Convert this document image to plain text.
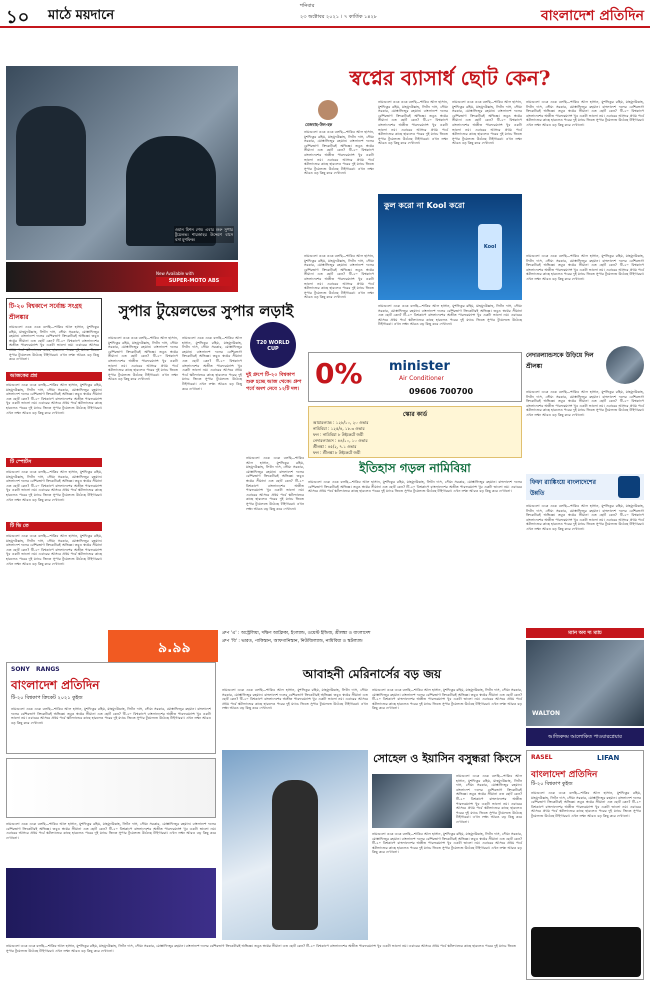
১০ মাঠে ময়দানে
শনিবার
২৩ অক্টোবর ২০২১ । ৭ কার্তিক ১৪২৮	বাংলাদেশ প্রতিদিন
ওমান মিশন শেষ। এবার শুরু সুপার টুয়েলভ। শারজাহর উদ্দেশে বাসে বসা মুশফিক।
New Available with
SUPER-MOTO ABS
স্বপ্নের ব্যাসার্ধ ছোট কেন?
মেজবাহ-উল-হক
নামগুলো একে একে বলছি—শাকিব আল হাসান, মুশফিকুর রহিম, মাহমুদউল্লাহ, লিটন দাস, সৌম্য সরকার, মোস্তাফিজুর রহমান। বাংলাদেশ দলের বেশিরভাগ ক্রিকেটারই অভিজ্ঞ। তবুও স্বপ্নের সীমানা এত ছোট কেন? টি-২০ বিশ্বকাপে বাংলাদেশের অতীত পারফরম্যান্স খুব একটা ভালো নয়। এবারের আসরে প্রথম পর্বে স্কটল্যান্ডের কাছে হারলেও পরের দুই ম্যাচে জিতে সুপার টুয়েলভে উঠেছে টাইগাররা। এখন লক্ষ্য আরও বড় কিছু করে দেখানো।
নামগুলো একে একে বলছি—শাকিব আল হাসান, মুশফিকুর রহিম, মাহমুদউল্লাহ, লিটন দাস, সৌম্য সরকার, মোস্তাফিজুর রহমান। বাংলাদেশ দলের বেশিরভাগ ক্রিকেটারই অভিজ্ঞ। তবুও স্বপ্নের সীমানা এত ছোট কেন? টি-২০ বিশ্বকাপে বাংলাদেশের অতীত পারফরম্যান্স খুব একটা ভালো নয়। এবারের আসরে প্রথম পর্বে স্কটল্যান্ডের কাছে হারলেও পরের দুই ম্যাচে জিতে সুপার টুয়েলভে উঠেছে টাইগাররা। এখন লক্ষ্য আরও বড় কিছু করে দেখানো।
নামগুলো একে একে বলছি—শাকিব আল হাসান, মুশফিকুর রহিম, মাহমুদউল্লাহ, লিটন দাস, সৌম্য সরকার, মোস্তাফিজুর রহমান। বাংলাদেশ দলের বেশিরভাগ ক্রিকেটারই অভিজ্ঞ। তবুও স্বপ্নের সীমানা এত ছোট কেন? টি-২০ বিশ্বকাপে বাংলাদেশের অতীত পারফরম্যান্স খুব একটা ভালো নয়। এবারের আসরে প্রথম পর্বে স্কটল্যান্ডের কাছে হারলেও পরের দুই ম্যাচে জিতে সুপার টুয়েলভে উঠেছে টাইগাররা। এখন লক্ষ্য আরও বড় কিছু করে দেখানো।
নামগুলো একে একে বলছি—শাকিব আল হাসান, মুশফিকুর রহিম, মাহমুদউল্লাহ, লিটন দাস, সৌম্য সরকার, মোস্তাফিজুর রহমান। বাংলাদেশ দলের বেশিরভাগ ক্রিকেটারই অভিজ্ঞ। তবুও স্বপ্নের সীমানা এত ছোট কেন? টি-২০ বিশ্বকাপে বাংলাদেশের অতীত পারফরম্যান্স খুব একটা ভালো নয়। এবারের আসরে প্রথম পর্বে স্কটল্যান্ডের কাছে হারলেও পরের দুই ম্যাচে জিতে সুপার টুয়েলভে উঠেছে টাইগাররা। এখন লক্ষ্য আরও বড় কিছু করে দেখানো।
কুল করো না Kool করো
Kool
নামগুলো একে একে বলছি—শাকিব আল হাসান, মুশফিকুর রহিম, মাহমুদউল্লাহ, লিটন দাস, সৌম্য সরকার, মোস্তাফিজুর রহমান। বাংলাদেশ দলের বেশিরভাগ ক্রিকেটারই অভিজ্ঞ। তবুও স্বপ্নের সীমানা এত ছোট কেন? টি-২০ বিশ্বকাপে বাংলাদেশের অতীত পারফরম্যান্স খুব একটা ভালো নয়। এবারের আসরে প্রথম পর্বে স্কটল্যান্ডের কাছে হারলেও পরের দুই ম্যাচে জিতে সুপার টুয়েলভে উঠেছে টাইগাররা। এখন লক্ষ্য আরও বড় কিছু করে দেখানো।
নামগুলো একে একে বলছি—শাকিব আল হাসান, মুশফিকুর রহিম, মাহমুদউল্লাহ, লিটন দাস, সৌম্য সরকার, মোস্তাফিজুর রহমান। বাংলাদেশ দলের বেশিরভাগ ক্রিকেটারই অভিজ্ঞ। তবুও স্বপ্নের সীমানা এত ছোট কেন? টি-২০ বিশ্বকাপে বাংলাদেশের অতীত পারফরম্যান্স খুব একটা ভালো নয়। এবারের আসরে প্রথম পর্বে স্কটল্যান্ডের কাছে হারলেও পরের দুই ম্যাচে জিতে সুপার টুয়েলভে উঠেছে টাইগাররা। এখন লক্ষ্য আরও বড় কিছু করে দেখানো।
নামগুলো একে একে বলছি—শাকিব আল হাসান, মুশফিকুর রহিম, মাহমুদউল্লাহ, লিটন দাস, সৌম্য সরকার, মোস্তাফিজুর রহমান। বাংলাদেশ দলের বেশিরভাগ ক্রিকেটারই অভিজ্ঞ। তবুও স্বপ্নের সীমানা এত ছোট কেন? টি-২০ বিশ্বকাপে বাংলাদেশের অতীত পারফরম্যান্স খুব একটা ভালো নয়। এবারের আসরে প্রথম পর্বে স্কটল্যান্ডের কাছে হারলেও পরের দুই ম্যাচে জিতে সুপার টুয়েলভে উঠেছে টাইগাররা। এখন লক্ষ্য আরও বড় কিছু করে দেখানো।
টি-২০ বিশ্বকাপে সর্বোচ্চ সংগ্রহ শ্রীলঙ্কার
নামগুলো একে একে বলছি—শাকিব আল হাসান, মুশফিকুর রহিম, মাহমুদউল্লাহ, লিটন দাস, সৌম্য সরকার, মোস্তাফিজুর রহমান। বাংলাদেশ দলের বেশিরভাগ ক্রিকেটারই অভিজ্ঞ। তবুও স্বপ্নের সীমানা এত ছোট কেন? টি-২০ বিশ্বকাপে বাংলাদেশের অতীত পারফরম্যান্স খুব একটা ভালো নয়। এবারের আসরে প্রথম পর্বে স্কটল্যান্ডের কাছে হারলেও পরের দুই ম্যাচে জিতে সুপার টুয়েলভে উঠেছে টাইগাররা। এখন লক্ষ্য আরও বড় কিছু করে দেখানো।
আজকের প্রশ্ন
নামগুলো একে একে বলছি—শাকিব আল হাসান, মুশফিকুর রহিম, মাহমুদউল্লাহ, লিটন দাস, সৌম্য সরকার, মোস্তাফিজুর রহমান। বাংলাদেশ দলের বেশিরভাগ ক্রিকেটারই অভিজ্ঞ। তবুও স্বপ্নের সীমানা এত ছোট কেন? টি-২০ বিশ্বকাপে বাংলাদেশের অতীত পারফরম্যান্স খুব একটা ভালো নয়। এবারের আসরে প্রথম পর্বে স্কটল্যান্ডের কাছে হারলেও পরের দুই ম্যাচে জিতে সুপার টুয়েলভে উঠেছে টাইগাররা। এখন লক্ষ্য আরও বড় কিছু করে দেখানো।
টি স্পোর্টস
নামগুলো একে একে বলছি—শাকিব আল হাসান, মুশফিকুর রহিম, মাহমুদউল্লাহ, লিটন দাস, সৌম্য সরকার, মোস্তাফিজুর রহমান। বাংলাদেশ দলের বেশিরভাগ ক্রিকেটারই অভিজ্ঞ। তবুও স্বপ্নের সীমানা এত ছোট কেন? টি-২০ বিশ্বকাপে বাংলাদেশের অতীত পারফরম্যান্স খুব একটা ভালো নয়। এবারের আসরে প্রথম পর্বে স্কটল্যান্ডের কাছে হারলেও পরের দুই ম্যাচে জিতে সুপার টুয়েলভে উঠেছে টাইগাররা। এখন লক্ষ্য আরও বড় কিছু করে দেখানো।
টি ভি তে
নামগুলো একে একে বলছি—শাকিব আল হাসান, মুশফিকুর রহিম, মাহমুদউল্লাহ, লিটন দাস, সৌম্য সরকার, মোস্তাফিজুর রহমান। বাংলাদেশ দলের বেশিরভাগ ক্রিকেটারই অভিজ্ঞ। তবুও স্বপ্নের সীমানা এত ছোট কেন? টি-২০ বিশ্বকাপে বাংলাদেশের অতীত পারফরম্যান্স খুব একটা ভালো নয়। এবারের আসরে প্রথম পর্বে স্কটল্যান্ডের কাছে হারলেও পরের দুই ম্যাচে জিতে সুপার টুয়েলভে উঠেছে টাইগাররা। এখন লক্ষ্য আরও বড় কিছু করে দেখানো।
সুপার টুয়েলভের সুপার লড়াই
T20 WORLD CUP
নামগুলো একে একে বলছি—শাকিব আল হাসান, মুশফিকুর রহিম, মাহমুদউল্লাহ, লিটন দাস, সৌম্য সরকার, মোস্তাফিজুর রহমান। বাংলাদেশ দলের বেশিরভাগ ক্রিকেটারই অভিজ্ঞ। তবুও স্বপ্নের সীমানা এত ছোট কেন? টি-২০ বিশ্বকাপে বাংলাদেশের অতীত পারফরম্যান্স খুব একটা ভালো নয়। এবারের আসরে প্রথম পর্বে স্কটল্যান্ডের কাছে হারলেও পরের দুই ম্যাচে জিতে সুপার টুয়েলভে উঠেছে টাইগাররা। এখন লক্ষ্য আরও বড় কিছু করে দেখানো।
নামগুলো একে একে বলছি—শাকিব আল হাসান, মুশফিকুর রহিম, মাহমুদউল্লাহ, লিটন দাস, সৌম্য সরকার, মোস্তাফিজুর রহমান। বাংলাদেশ দলের বেশিরভাগ ক্রিকেটারই অভিজ্ঞ। তবুও স্বপ্নের সীমানা এত ছোট কেন? টি-২০ বিশ্বকাপে বাংলাদেশের অতীত পারফরম্যান্স খুব একটা ভালো নয়। এবারের আসরে প্রথম পর্বে স্কটল্যান্ডের কাছে হারলেও পরের দুই ম্যাচে জিতে সুপার টুয়েলভে উঠেছে টাইগাররা। এখন লক্ষ্য আরও বড় কিছু করে দেখানো।
দুই গ্রুপে টি-২০ বিশ্বকাপ শুরু হচ্ছে আজ থেকে। গ্রুপ পর্বে অংশ নেবে ১২টি দল।
নামগুলো একে একে বলছি—শাকিব আল হাসান, মুশফিকুর রহিম, মাহমুদউল্লাহ, লিটন দাস, সৌম্য সরকার, মোস্তাফিজুর রহমান। বাংলাদেশ দলের বেশিরভাগ ক্রিকেটারই অভিজ্ঞ। তবুও স্বপ্নের সীমানা এত ছোট কেন? টি-২০ বিশ্বকাপে বাংলাদেশের অতীত পারফরম্যান্স খুব একটা ভালো নয়। এবারের আসরে প্রথম পর্বে স্কটল্যান্ডের কাছে হারলেও পরের দুই ম্যাচে জিতে সুপার টুয়েলভে উঠেছে টাইগাররা। এখন লক্ষ্য আরও বড় কিছু করে দেখানো।
0% minister
Air Conditioner
09606 700700
স্কোর কার্ড
আয়ারল্যান্ড : ১২৮/১০, ২০ ওভার
নামিবিয়া : ১২৫/৪, ১৮.৩ ওভার
ফল : নামিবিয়া ৮ উইকেটে জয়ী
নেদারল্যান্ডস : ৪৪/১০, ১০ ওভার
শ্রীলঙ্কা : ৪৫/২, ৭.১ ওভার
ফল : শ্রীলঙ্কা ৮ উইকেটে জয়ী
ইতিহাস গড়ল নামিবিয়া
নামগুলো একে একে বলছি—শাকিব আল হাসান, মুশফিকুর রহিম, মাহমুদউল্লাহ, লিটন দাস, সৌম্য সরকার, মোস্তাফিজুর রহমান। বাংলাদেশ দলের বেশিরভাগ ক্রিকেটারই অভিজ্ঞ। তবুও স্বপ্নের সীমানা এত ছোট কেন? টি-২০ বিশ্বকাপে বাংলাদেশের অতীত পারফরম্যান্স খুব একটা ভালো নয়। এবারের আসরে প্রথম পর্বে স্কটল্যান্ডের কাছে হারলেও পরের দুই ম্যাচে জিতে সুপার টুয়েলভে উঠেছে টাইগাররা। এখন লক্ষ্য আরও বড় কিছু করে দেখানো।
নেদারল্যান্ডসকে উড়িয়ে দিল শ্রীলঙ্কা
নামগুলো একে একে বলছি—শাকিব আল হাসান, মুশফিকুর রহিম, মাহমুদউল্লাহ, লিটন দাস, সৌম্য সরকার, মোস্তাফিজুর রহমান। বাংলাদেশ দলের বেশিরভাগ ক্রিকেটারই অভিজ্ঞ। তবুও স্বপ্নের সীমানা এত ছোট কেন? টি-২০ বিশ্বকাপে বাংলাদেশের অতীত পারফরম্যান্স খুব একটা ভালো নয়। এবারের আসরে প্রথম পর্বে স্কটল্যান্ডের কাছে হারলেও পরের দুই ম্যাচে জিতে সুপার টুয়েলভে উঠেছে টাইগাররা। এখন লক্ষ্য আরও বড় কিছু করে দেখানো।
ফিফা র‌্যাঙ্কিংয়ে বাংলাদেশের উন্নতি
নামগুলো একে একে বলছি—শাকিব আল হাসান, মুশফিকুর রহিম, মাহমুদউল্লাহ, লিটন দাস, সৌম্য সরকার, মোস্তাফিজুর রহমান। বাংলাদেশ দলের বেশিরভাগ ক্রিকেটারই অভিজ্ঞ। তবুও স্বপ্নের সীমানা এত ছোট কেন? টি-২০ বিশ্বকাপে বাংলাদেশের অতীত পারফরম্যান্স খুব একটা ভালো নয়। এবারের আসরে প্রথম পর্বে স্কটল্যান্ডের কাছে হারলেও পরের দুই ম্যাচে জিতে সুপার টুয়েলভে উঠেছে টাইগাররা। এখন লক্ষ্য আরও বড় কিছু করে দেখানো।
৯.৯৯
গ্রুপ 'এ' : অস্ট্রেলিয়া, দক্ষিণ আফ্রিকা, ইংল্যান্ড, ওয়েস্ট ইন্ডিজ, শ্রীলঙ্কা ও বাংলাদেশ
গ্রুপ 'বি' : ভারত, পাকিস্তান, আফগানিস্তান, নিউজিল্যান্ড, নামিবিয়া ও স্কটল্যান্ড
ম্যান অব দ্য ম্যাচ
WALTON
আজিকদম আলোকিত পাওয়ারপ্লেয়ার
SONY   RANGS
বাংলাদেশ প্রতিদিন
টি-২০ বিশ্বকাপ ক্রিকেট ২০২১ কুইজ
নামগুলো একে একে বলছি—শাকিব আল হাসান, মুশফিকুর রহিম, মাহমুদউল্লাহ, লিটন দাস, সৌম্য সরকার, মোস্তাফিজুর রহমান। বাংলাদেশ দলের বেশিরভাগ ক্রিকেটারই অভিজ্ঞ। তবুও স্বপ্নের সীমানা এত ছোট কেন? টি-২০ বিশ্বকাপে বাংলাদেশের অতীত পারফরম্যান্স খুব একটা ভালো নয়। এবারের আসরে প্রথম পর্বে স্কটল্যান্ডের কাছে হারলেও পরের দুই ম্যাচে জিতে সুপার টুয়েলভে উঠেছে টাইগাররা। এখন লক্ষ্য আরও বড় কিছু করে দেখানো।
আবাহনী মেরিনার্সের বড় জয়
নামগুলো একে একে বলছি—শাকিব আল হাসান, মুশফিকুর রহিম, মাহমুদউল্লাহ, লিটন দাস, সৌম্য সরকার, মোস্তাফিজুর রহমান। বাংলাদেশ দলের বেশিরভাগ ক্রিকেটারই অভিজ্ঞ। তবুও স্বপ্নের সীমানা এত ছোট কেন? টি-২০ বিশ্বকাপে বাংলাদেশের অতীত পারফরম্যান্স খুব একটা ভালো নয়। এবারের আসরে প্রথম পর্বে স্কটল্যান্ডের কাছে হারলেও পরের দুই ম্যাচে জিতে সুপার টুয়েলভে উঠেছে টাইগাররা। এখন লক্ষ্য আরও বড় কিছু করে দেখানো।
নামগুলো একে একে বলছি—শাকিব আল হাসান, মুশফিকুর রহিম, মাহমুদউল্লাহ, লিটন দাস, সৌম্য সরকার, মোস্তাফিজুর রহমান। বাংলাদেশ দলের বেশিরভাগ ক্রিকেটারই অভিজ্ঞ। তবুও স্বপ্নের সীমানা এত ছোট কেন? টি-২০ বিশ্বকাপে বাংলাদেশের অতীত পারফরম্যান্স খুব একটা ভালো নয়। এবারের আসরে প্রথম পর্বে স্কটল্যান্ডের কাছে হারলেও পরের দুই ম্যাচে জিতে সুপার টুয়েলভে উঠেছে টাইগাররা। এখন লক্ষ্য আরও বড় কিছু করে দেখানো।
সোহেল ও ইয়াসিন বসুন্ধরা কিংসে
নামগুলো একে একে বলছি—শাকিব আল হাসান, মুশফিকুর রহিম, মাহমুদউল্লাহ, লিটন দাস, সৌম্য সরকার, মোস্তাফিজুর রহমান। বাংলাদেশ দলের বেশিরভাগ ক্রিকেটারই অভিজ্ঞ। তবুও স্বপ্নের সীমানা এত ছোট কেন? টি-২০ বিশ্বকাপে বাংলাদেশের অতীত পারফরম্যান্স খুব একটা ভালো নয়। এবারের আসরে প্রথম পর্বে স্কটল্যান্ডের কাছে হারলেও পরের দুই ম্যাচে জিতে সুপার টুয়েলভে উঠেছে টাইগাররা। এখন লক্ষ্য আরও বড় কিছু করে দেখানো।
নামগুলো একে একে বলছি—শাকিব আল হাসান, মুশফিকুর রহিম, মাহমুদউল্লাহ, লিটন দাস, সৌম্য সরকার, মোস্তাফিজুর রহমান। বাংলাদেশ দলের বেশিরভাগ ক্রিকেটারই অভিজ্ঞ। তবুও স্বপ্নের সীমানা এত ছোট কেন? টি-২০ বিশ্বকাপে বাংলাদেশের অতীত পারফরম্যান্স খুব একটা ভালো নয়। এবারের আসরে প্রথম পর্বে স্কটল্যান্ডের কাছে হারলেও পরের দুই ম্যাচে জিতে সুপার টুয়েলভে উঠেছে টাইগাররা। এখন লক্ষ্য আরও বড় কিছু করে দেখানো।
RASEL	LIFAN
বাংলাদেশ প্রতিদিন
টি-২০ বিশ্বকাপ কুইজ
নামগুলো একে একে বলছি—শাকিব আল হাসান, মুশফিকুর রহিম, মাহমুদউল্লাহ, লিটন দাস, সৌম্য সরকার, মোস্তাফিজুর রহমান। বাংলাদেশ দলের বেশিরভাগ ক্রিকেটারই অভিজ্ঞ। তবুও স্বপ্নের সীমানা এত ছোট কেন? টি-২০ বিশ্বকাপে বাংলাদেশের অতীত পারফরম্যান্স খুব একটা ভালো নয়। এবারের আসরে প্রথম পর্বে স্কটল্যান্ডের কাছে হারলেও পরের দুই ম্যাচে জিতে সুপার টুয়েলভে উঠেছে টাইগাররা। এখন লক্ষ্য আরও বড় কিছু করে দেখানো।
নামগুলো একে একে বলছি—শাকিব আল হাসান, মুশফিকুর রহিম, মাহমুদউল্লাহ, লিটন দাস, সৌম্য সরকার, মোস্তাফিজুর রহমান। বাংলাদেশ দলের বেশিরভাগ ক্রিকেটারই অভিজ্ঞ। তবুও স্বপ্নের সীমানা এত ছোট কেন? টি-২০ বিশ্বকাপে বাংলাদেশের অতীত পারফরম্যান্স খুব একটা ভালো নয়। এবারের আসরে প্রথম পর্বে স্কটল্যান্ডের কাছে হারলেও পরের দুই ম্যাচে জিতে সুপার টুয়েলভে উঠেছে টাইগাররা। এখন লক্ষ্য আরও বড় কিছু করে দেখানো।
নামগুলো একে একে বলছি—শাকিব আল হাসান, মুশফিকুর রহিম, মাহমুদউল্লাহ, লিটন দাস, সৌম্য সরকার, মোস্তাফিজুর রহমান। বাংলাদেশ দলের বেশিরভাগ ক্রিকেটারই অভিজ্ঞ। তবুও স্বপ্নের সীমানা এত ছোট কেন? টি-২০ বিশ্বকাপে বাংলাদেশের অতীত পারফরম্যান্স খুব একটা ভালো নয়। এবারের আসরে প্রথম পর্বে স্কটল্যান্ডের কাছে হারলেও পরের দুই ম্যাচে জিতে সুপার টুয়েলভে উঠেছে টাইগাররা। এখন লক্ষ্য আরও বড় কিছু করে দেখানো।
